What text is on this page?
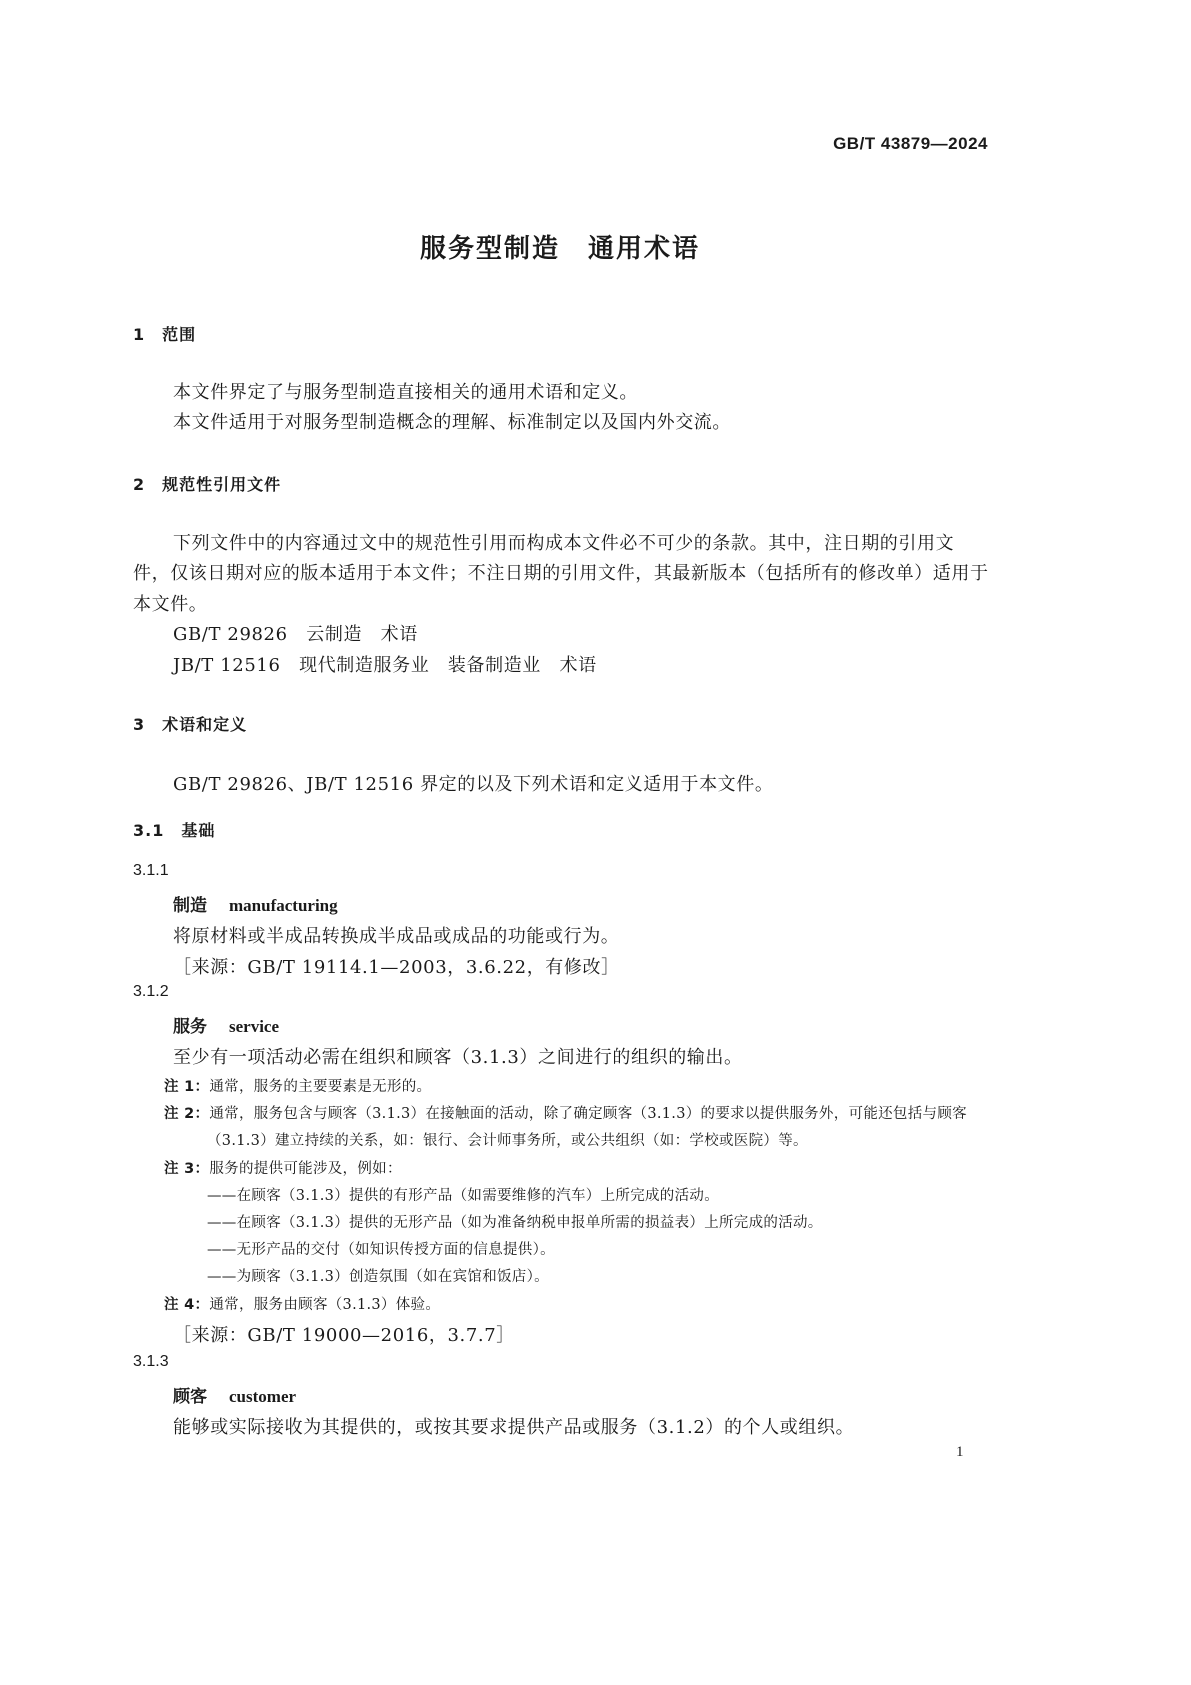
GB/T 43879—2024
服务型制造　通用术语
1　范围
本文件界定了与服务型制造直接相关的通用术语和定义。
本文件适用于对服务型制造概念的理解、标准制定以及国内外交流。
2　规范性引用文件
下列文件中的内容通过文中的规范性引用而构成本文件必不可少的条款。其中，注日期的引用文
件，仅该日期对应的版本适用于本文件；不注日期的引用文件，其最新版本（包括所有的修改单）适用于
本文件。
GB/T 29826　云制造　术语
JB/T 12516　现代制造服务业　装备制造业　术语
3　术语和定义
GB/T 29826、JB/T 12516 界定的以及下列术语和定义适用于本文件。
3.1　基础
3.1.1
制造 manufacturing
将原材料或半成品转换成半成品或成品的功能或行为。
［来源：GB/T 19114.1—2003，3.6.22，有修改］
3.1.2
服务 service
至少有一项活动必需在组织和顾客（3.1.3）之间进行的组织的输出。
注 1：通常，服务的主要要素是无形的。
注 2：通常，服务包含与顾客（3.1.3）在接触面的活动，除了确定顾客（3.1.3）的要求以提供服务外，可能还包括与顾客
（3.1.3）建立持续的关系，如：银行、会计师事务所，或公共组织（如：学校或医院）等。
注 3：服务的提供可能涉及，例如：
——在顾客（3.1.3）提供的有形产品（如需要维修的汽车）上所完成的活动。
——在顾客（3.1.3）提供的无形产品（如为准备纳税申报单所需的损益表）上所完成的活动。
——无形产品的交付（如知识传授方面的信息提供）。
——为顾客（3.1.3）创造氛围（如在宾馆和饭店）。
注 4：通常，服务由顾客（3.1.3）体验。
［来源：GB/T 19000—2016，3.7.7］
3.1.3
顾客 customer
能够或实际接收为其提供的，或按其要求提供产品或服务（3.1.2）的个人或组织。
1
